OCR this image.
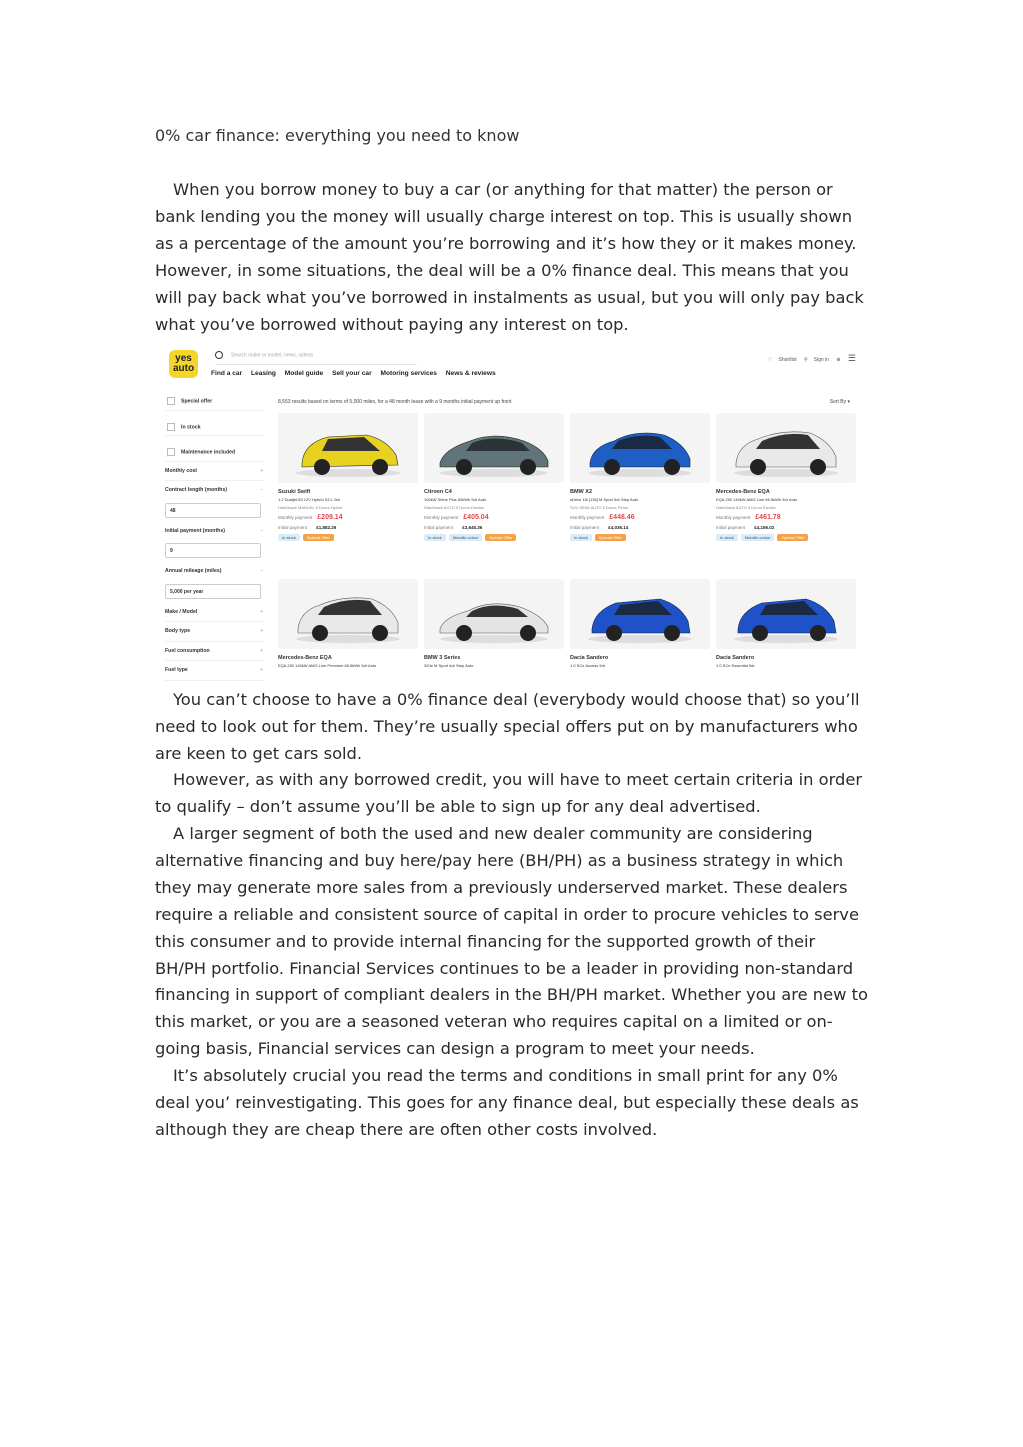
0% car finance: everything you need to know

When you borrow money to buy a car (or anything for that matter) the person or bank lending you the money will usually charge interest on top. This is usually shown as a percentage of the amount you’re borrowing and it’s how they or it makes money. However, in some situations, the deal will be a 0% finance deal. This means that you will pay back what you’ve borrowed in instalments as usual, but you will only pay back what you’ve borrowed without paying any interest on top.

yes auto
Search make or model, news, videos
Find a car Leasing Model guide Sell your car Motoring services News & reviews
♡ Shortlist ⚲ Sign in ⊕ ☰
Special offer
In stock
Maintenance included
Monthly cost	+
Contract length (months)	−
48
Initial payment (months)	−
9
Annual mileage (miles)	−
5,000 per year
Make / Model	+
Body type	+
Fuel consumption	+
Fuel type	+
8,553 results based on terms of 5,000 miles, for a 48 month lease with a 9 months initial payment up front	Sort By ▾
Suzuki Swift
1.2 Dualjet 83 12V Hybrid SZ-L 5dr
Hatchback MANUAL 5 Doors Hybrid
Monthly payment £209.14
Initial payment £1,882.26
In stock	Special Offer
Citroen C4
100kW Shine Plus 50kWh 5dr Auto
Hatchback AUTO 5 Doors Electric
Monthly payment £405.04
Initial payment £3,645.36
In stock	Metallic colour	Special Offer
BMW X2
sDrive 18i [136] M Sport 5dr Step Auto
SUV SEMI-AUTO 5 Doors Petrol
Monthly payment £448.46
Initial payment £4,036.14
In stock	Special Offer
Mercedes-Benz EQA
EQA 250 140kW AMG Line 66.5kWh 5dr Auto
Hatchback AUTO 5 Doors Electric
Monthly payment £461.78
Initial payment £4,156.02
In stock	Metallic colour	Special Offer
Mercedes-Benz EQA
EQA 250 140kW AMG Line Premium 66.5kWh 5dr Auto
BMW 3 Series
320e M Sport 4dr Step Auto
Dacia Sandero
1.0 SCe Access 5dr
Dacia Sandero
1.0 SCe Essential 5dr

You can’t choose to have a 0% finance deal (everybody would choose that) so you’ll need to look out for them. They’re usually special offers put on by manufacturers who are keen to get cars sold.

However, as with any borrowed credit, you will have to meet certain criteria in order to qualify – don’t assume you’ll be able to sign up for any deal advertised.

A larger segment of both the used and new dealer community are considering alternative financing and buy here/pay here (BH/PH) as a business strategy in which they may generate more sales from a previously underserved market. These dealers require a reliable and consistent source of capital in order to procure vehicles to serve this consumer and to provide internal financing for the supported growth of their BH/PH portfolio. Financial Services continues to be a leader in providing non-standard financing in support of compliant dealers in the BH/PH market. Whether you are new to this market, or you are a seasoned veteran who requires capital on a limited or on-going basis, Financial services can design a program to meet your needs.

It’s absolutely crucial you read the terms and conditions in small print for any 0% deal you’ reinvestigating. This goes for any finance deal, but especially these deals as although they are cheap there are often other costs involved.
